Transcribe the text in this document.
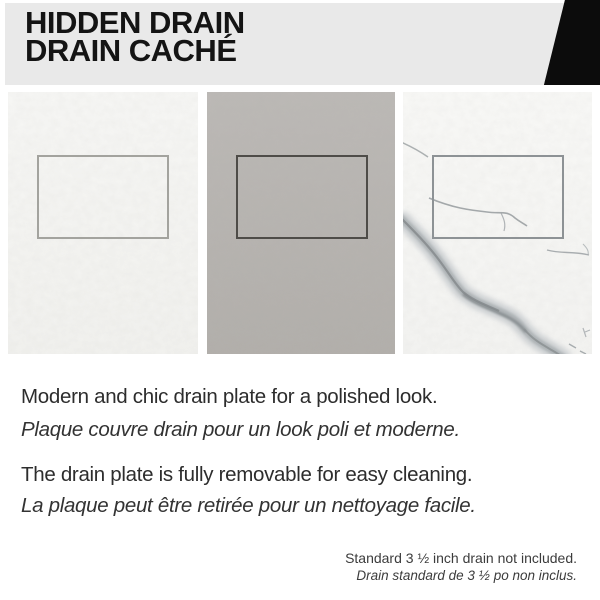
HIDDEN DRAIN
DRAIN CACHÉ

Modern and chic drain plate for a polished look.

Plaque couvre drain pour un look poli et moderne.

The drain plate is fully removable for easy cleaning.

La plaque peut être retirée pour un nettoyage facile.

Standard 3 ½ inch drain not included.
Drain standard de 3 ½ po non inclus.
